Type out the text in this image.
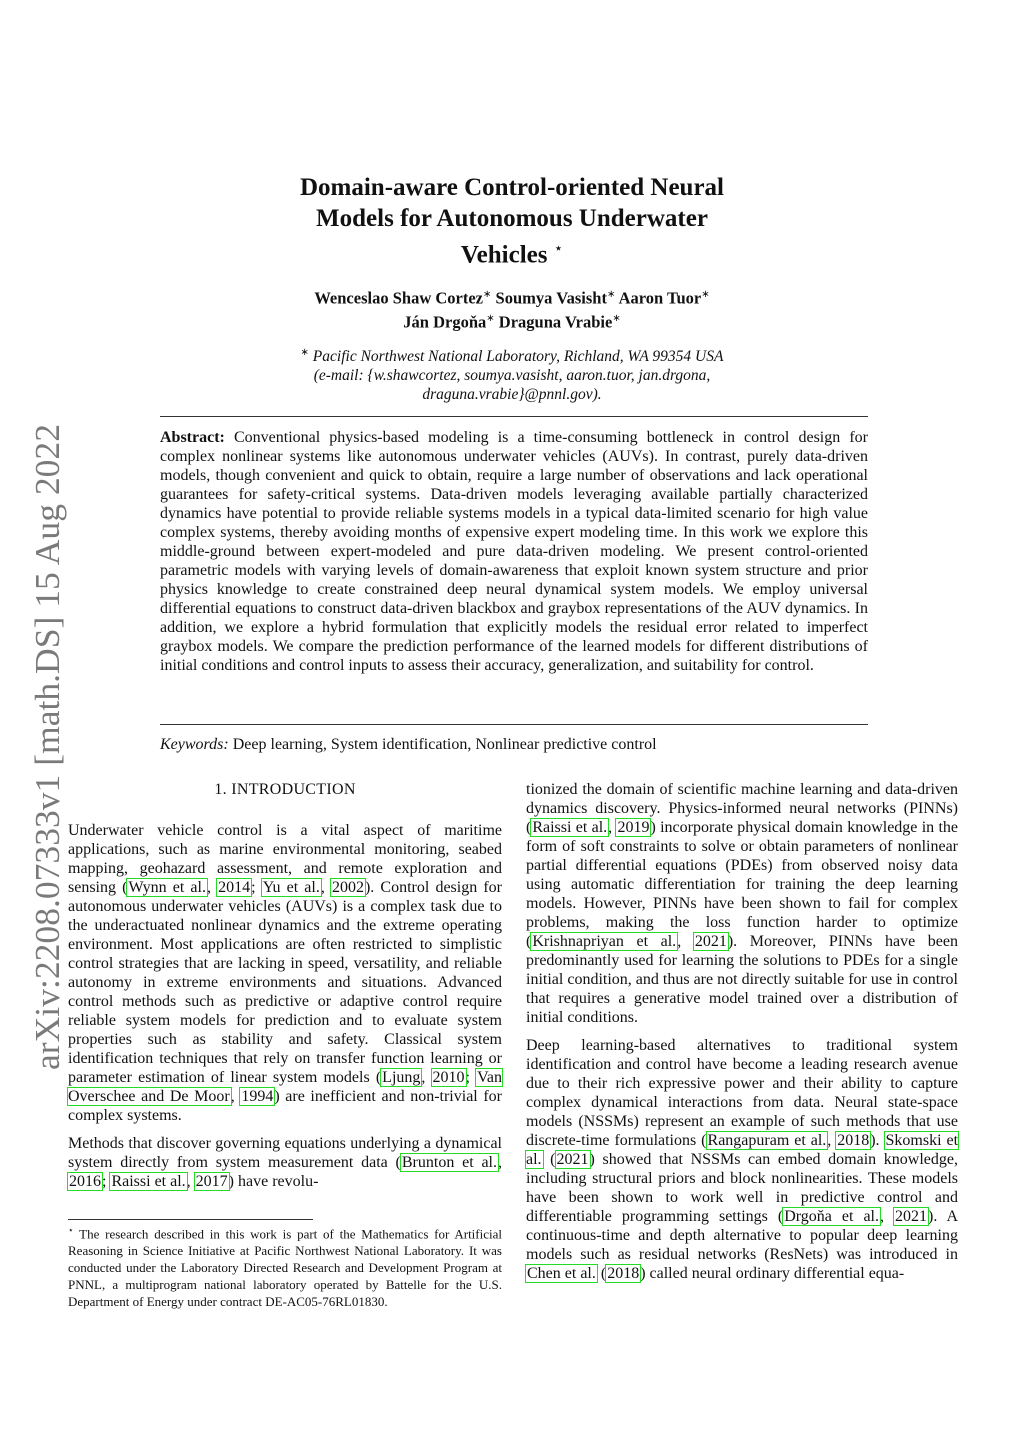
arXiv:2208.07333v1 [math.DS] 15 Aug 2022
Domain-aware Control-oriented Neural
Models for Autonomous Underwater
Vehicles ⋆
Wenceslao Shaw Cortez∗ Soumya Vasisht∗ Aaron Tuor∗
Ján Drgoňa∗ Draguna Vrabie∗
∗ Pacific Northwest National Laboratory, Richland, WA 99354 USA
(e-mail: {w.shawcortez, soumya.vasisht, aaron.tuor, jan.drgona,
draguna.vrabie}@pnnl.gov).
Abstract: Conventional physics-based modeling is a time-consuming bottleneck in control design for complex nonlinear systems like autonomous underwater vehicles (AUVs). In contrast, purely data-driven models, though convenient and quick to obtain, require a large number of observations and lack operational guarantees for safety-critical systems. Data-driven models leveraging available partially characterized dynamics have potential to provide reliable systems models in a typical data-limited scenario for high value complex systems, thereby avoiding months of expensive expert modeling time. In this work we explore this middle-ground between expert-modeled and pure data-driven modeling. We present control-oriented parametric models with varying levels of domain-awareness that exploit known system structure and prior physics knowledge to create constrained deep neural dynamical system models. We employ universal differential equations to construct data-driven blackbox and graybox representations of the AUV dynamics. In addition, we explore a hybrid formulation that explicitly models the residual error related to imperfect graybox models. We compare the prediction performance of the learned models for different distributions of initial conditions and control inputs to assess their accuracy, generalization, and suitability for control.
Keywords: Deep learning, System identification, Nonlinear predictive control
1. INTRODUCTION

Underwater vehicle control is a vital aspect of maritime applications, such as marine environmental monitoring, seabed mapping, geohazard assessment, and remote exploration and sensing (Wynn et al., 2014; Yu et al., 2002). Control design for autonomous underwater vehicles (AUVs) is a complex task due to the underactuated nonlinear dynamics and the extreme operating environment. Most applications are often restricted to simplistic control strategies that are lacking in speed, versatility, and reliable autonomy in extreme environments and situations. Advanced control methods such as predictive or adaptive control require reliable system models for prediction and to evaluate system properties such as stability and safety. Classical system identification techniques that rely on transfer function learning or parameter estimation of linear system models (Ljung, 2010; Van Overschee and De Moor, 1994) are inefficient and non-trivial for complex systems.

Methods that discover governing equations underlying a dynamical system directly from system measurement data (Brunton et al., 2016; Raissi et al., 2017) have revolu-

⋆ The research described in this work is part of the Mathematics for Artificial Reasoning in Science Initiative at Pacific Northwest National Laboratory. It was conducted under the Laboratory Directed Research and Development Program at PNNL, a multiprogram national laboratory operated by Battelle for the U.S. Department of Energy under contract DE-AC05-76RL01830.

tionized the domain of scientific machine learning and data-driven dynamics discovery. Physics-informed neural networks (PINNs) (Raissi et al., 2019) incorporate physical domain knowledge in the form of soft constraints to solve or obtain parameters of nonlinear partial differential equations (PDEs) from observed noisy data using automatic differentiation for training the deep learning models. However, PINNs have been shown to fail for complex problems, making the loss function harder to optimize (Krishnapriyan et al., 2021). Moreover, PINNs have been predominantly used for learning the solutions to PDEs for a single initial condition, and thus are not directly suitable for use in control that requires a generative model trained over a distribution of initial conditions.

Deep learning-based alternatives to traditional system identification and control have become a leading research avenue due to their rich expressive power and their ability to capture complex dynamical interactions from data. Neural state-space models (NSSMs) represent an example of such methods that use discrete-time formulations (Rangapuram et al., 2018). Skomski et al. (2021) showed that NSSMs can embed domain knowledge, including structural priors and block nonlinearities. These models have been shown to work well in predictive control and differentiable programming settings (Drgoňa et al., 2021). A continuous-time and depth alternative to popular deep learning models such as residual networks (ResNets) was introduced in Chen et al. (2018) called neural ordinary differential equa-
